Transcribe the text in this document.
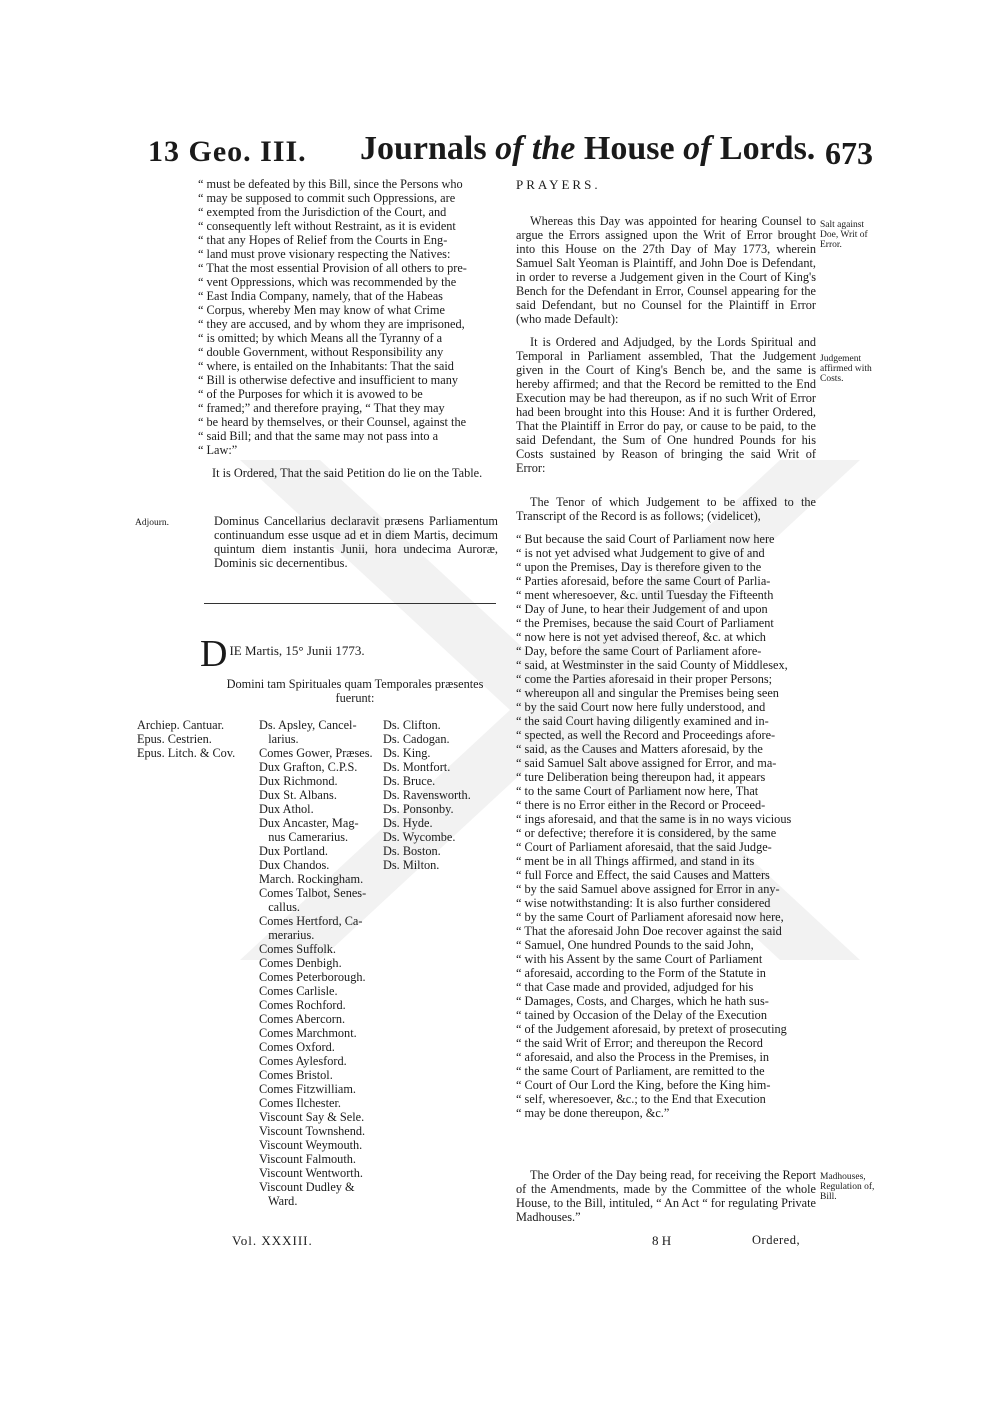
13 Geo. III. Journals of the House of Lords. 673
“ must be defeated by this Bill, since the Persons who
“ may be supposed to commit such Oppressions, are
“ exempted from the Jurisdiction of the Court, and
“ consequently left without Restraint, as it is evident
“ that any Hopes of Relief from the Courts in Eng-
“ land must prove visionary respecting the Natives:
“ That the most essential Provision of all others to pre-
“ vent Oppressions, which was recommended by the
“ East India Company, namely, that of the Habeas
“ Corpus, whereby Men may know of what Crime
“ they are accused, and by whom they are imprisoned,
“ is omitted; by which Means all the Tyranny of a
“ double Government, without Responsibility any
“ where, is entailed on the Inhabitants: That the said
“ Bill is otherwise defective and insufficient to many
“ of the Purposes for which it is avowed to be
“ framed;” and therefore praying, “ That they may
“ be heard by themselves, or their Counsel, against the
“ said Bill; and that the same may not pass into a
“ Law:”

It is Ordered, That the said Petition do lie on the Table.

Adjourn.	Dominus Cancellarius declaravit præsens Parliamentum continuandum esse usque ad et in diem Martis, decimum quintum diem instantis Junii, hora undecima Auroræ, Dominis sic decernentibus.
D IE Martis, 15° Junii 1773.
Domini tam Spirituales quam Temporales præsentes fuerunt:
Archiep. Cantuar.
Epus. Cestrien.
Epus. Litch. & Cov.
Ds. Apsley, Cancel-
larius.
Comes Gower, Præses.
Dux Grafton, C.P.S.
Dux Richmond.
Dux St. Albans.
Dux Athol.
Dux Ancaster, Mag-
nus Camerarius.
Dux Portland.
Dux Chandos.
March. Rockingham.
Comes Talbot, Senes-
callus.
Comes Hertford, Ca-
merarius.
Comes Suffolk.
Comes Denbigh.
Comes Peterborough.
Comes Carlisle.
Comes Rochford.
Comes Abercorn.
Comes Marchmont.
Comes Oxford.
Comes Aylesford.
Comes Bristol.
Comes Fitzwilliam.
Comes Ilchester.
Viscount Say & Sele.
Viscount Townshend.
Viscount Weymouth.
Viscount Falmouth.
Viscount Wentworth.
Viscount Dudley &
Ward.
Ds. Clifton.
Ds. Cadogan.
Ds. King.
Ds. Montfort.
Ds. Bruce.
Ds. Ravensworth.
Ds. Ponsonby.
Ds. Hyde.
Ds. Wycombe.
Ds. Boston.
Ds. Milton.
Vol. XXXIII.
PRAYERS.

Whereas this Day was appointed for hearing Counsel to argue the Errors assigned upon the Writ of Error brought into this House on the 27th Day of May 1773, wherein Samuel Salt Yeoman is Plaintiff, and John Doe is Defendant, in order to reverse a Judgement given in the Court of King's Bench for the Defendant in Error, Counsel appearing for the said Defendant, but no Counsel for the Plaintiff in Error (who made Default):

It is Ordered and Adjudged, by the Lords Spiritual and Temporal in Parliament assembled, That the Judgement given in the Court of King's Bench be, and the same is hereby affirmed; and that the Record be remitted to the End Execution may be had thereupon, as if no such Writ of Error had been brought into this House: And it is further Ordered, That the Plaintiff in Error do pay, or cause to be paid, to the said Defendant, the Sum of One hundred Pounds for his Costs sustained by Reason of bringing the said Writ of Error:

The Tenor of which Judgement to be affixed to the Transcript of the Record is as follows; (videlicet),

“ But because the said Court of Parliament now here
“ is not yet advised what Judgement to give of and
“ upon the Premises, Day is therefore given to the
“ Parties aforesaid, before the same Court of Parlia-
“ ment wheresoever, &c. until Tuesday the Fifteenth
“ Day of June, to hear their Judgement of and upon
“ the Premises, because the said Court of Parliament
“ now here is not yet advised thereof, &c. at which
“ Day, before the same Court of Parliament afore-
“ said, at Westminster in the said County of Middlesex,
“ come the Parties aforesaid in their proper Persons;
“ whereupon all and singular the Premises being seen
“ by the said Court now here fully understood, and
“ the said Court having diligently examined and in-
“ spected, as well the Record and Proceedings afore-
“ said, as the Causes and Matters aforesaid, by the
“ said Samuel Salt above assigned for Error, and ma-
“ ture Deliberation being thereupon had, it appears
“ to the same Court of Parliament now here, That
“ there is no Error either in the Record or Proceed-
“ ings aforesaid, and that the same is in no ways vicious
“ or defective; therefore it is considered, by the same
“ Court of Parliament aforesaid, that the said Judge-
“ ment be in all Things affirmed, and stand in its
“ full Force and Effect, the said Causes and Matters
“ by the said Samuel above assigned for Error in any-
“ wise notwithstanding: It is also further considered
“ by the same Court of Parliament aforesaid now here,
“ That the aforesaid John Doe recover against the said
“ Samuel, One hundred Pounds to the said John,
“ with his Assent by the same Court of Parliament
“ aforesaid, according to the Form of the Statute in
“ that Case made and provided, adjudged for his
“ Damages, Costs, and Charges, which he hath sus-
“ tained by Occasion of the Delay of the Execution
“ of the Judgement aforesaid, by pretext of prosecuting
“ the said Writ of Error; and thereupon the Record
“ aforesaid, and also the Process in the Premises, in
“ the same Court of Parliament, are remitted to the
“ Court of Our Lord the King, before the King him-
“ self, wheresoever, &c.; to the End that Execution
“ may be done thereupon, &c.”

The Order of the Day being read, for receiving the Report of the Amendments, made by the Committee of the whole House, to the Bill, intituled, “ An Act “ for regulating Private Madhouses.”

Salt against Doe, Writ of Error.
Judgement affirmed with Costs.
Madhouses, Regulation of, Bill.
8 H	Ordered,
